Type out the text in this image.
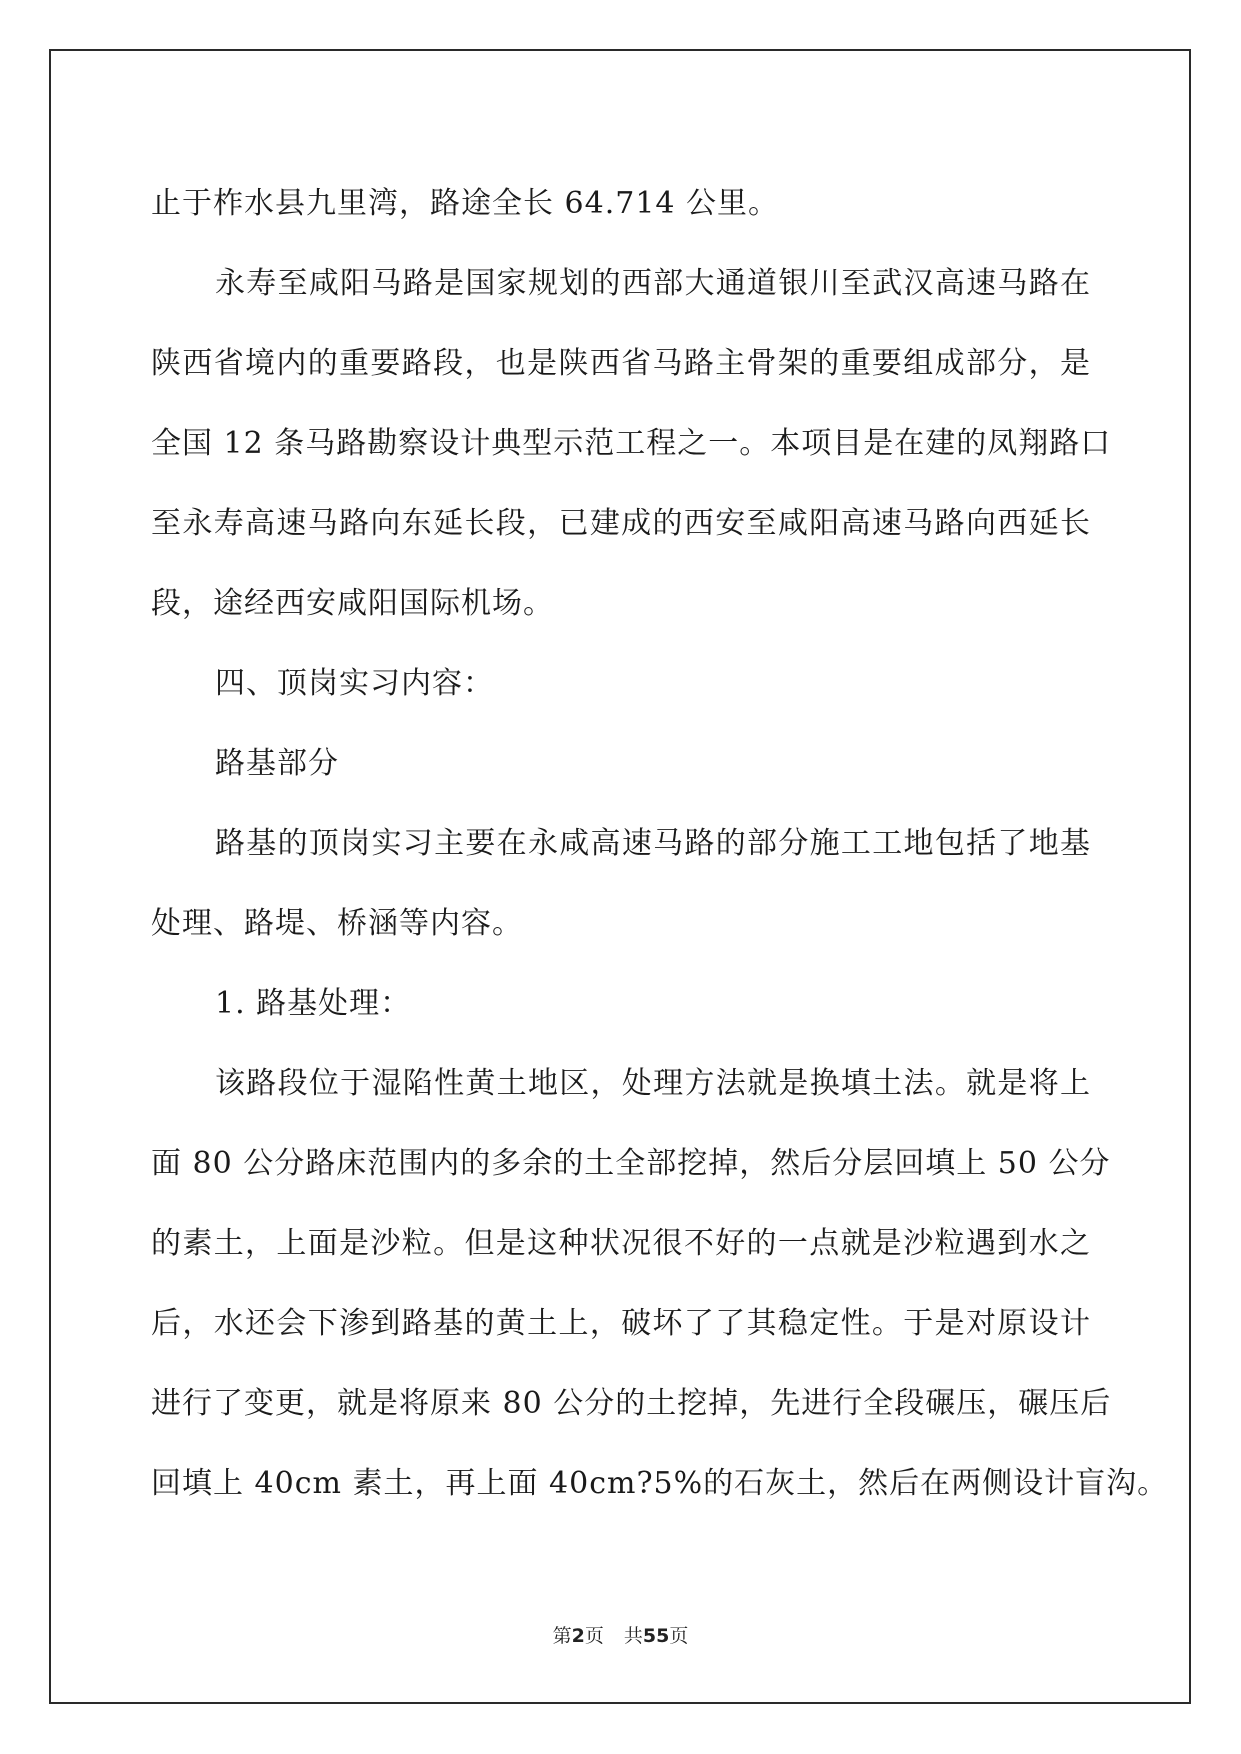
止于柞水县九里湾，路途全长 64.714 公里。
永寿至咸阳马路是国家规划的西部大通道银川至武汉高速马路在
陕西省境内的重要路段，也是陕西省马路主骨架的重要组成部分，是
全国 12 条马路勘察设计典型示范工程之一。本项目是在建的凤翔路口
至永寿高速马路向东延长段，已建成的西安至咸阳高速马路向西延长
段，途经西安咸阳国际机场。
四、顶岗实习内容：
路基部分
路基的顶岗实习主要在永咸高速马路的部分施工工地包括了地基
处理、路堤、桥涵等内容。
1. 路基处理：
该路段位于湿陷性黄土地区，处理方法就是换填土法。就是将上
面 80 公分路床范围内的多余的土全部挖掉，然后分层回填上 50 公分
的素土，上面是沙粒。但是这种状况很不好的一点就是沙粒遇到水之
后，水还会下渗到路基的黄土上，破坏了了其稳定性。于是对原设计
进行了变更，就是将原来 80 公分的土挖掉，先进行全段碾压，碾压后
回填上 40cm 素土，再上面 40cm?5%的石灰土，然后在两侧设计盲沟。
第2页 共55页
